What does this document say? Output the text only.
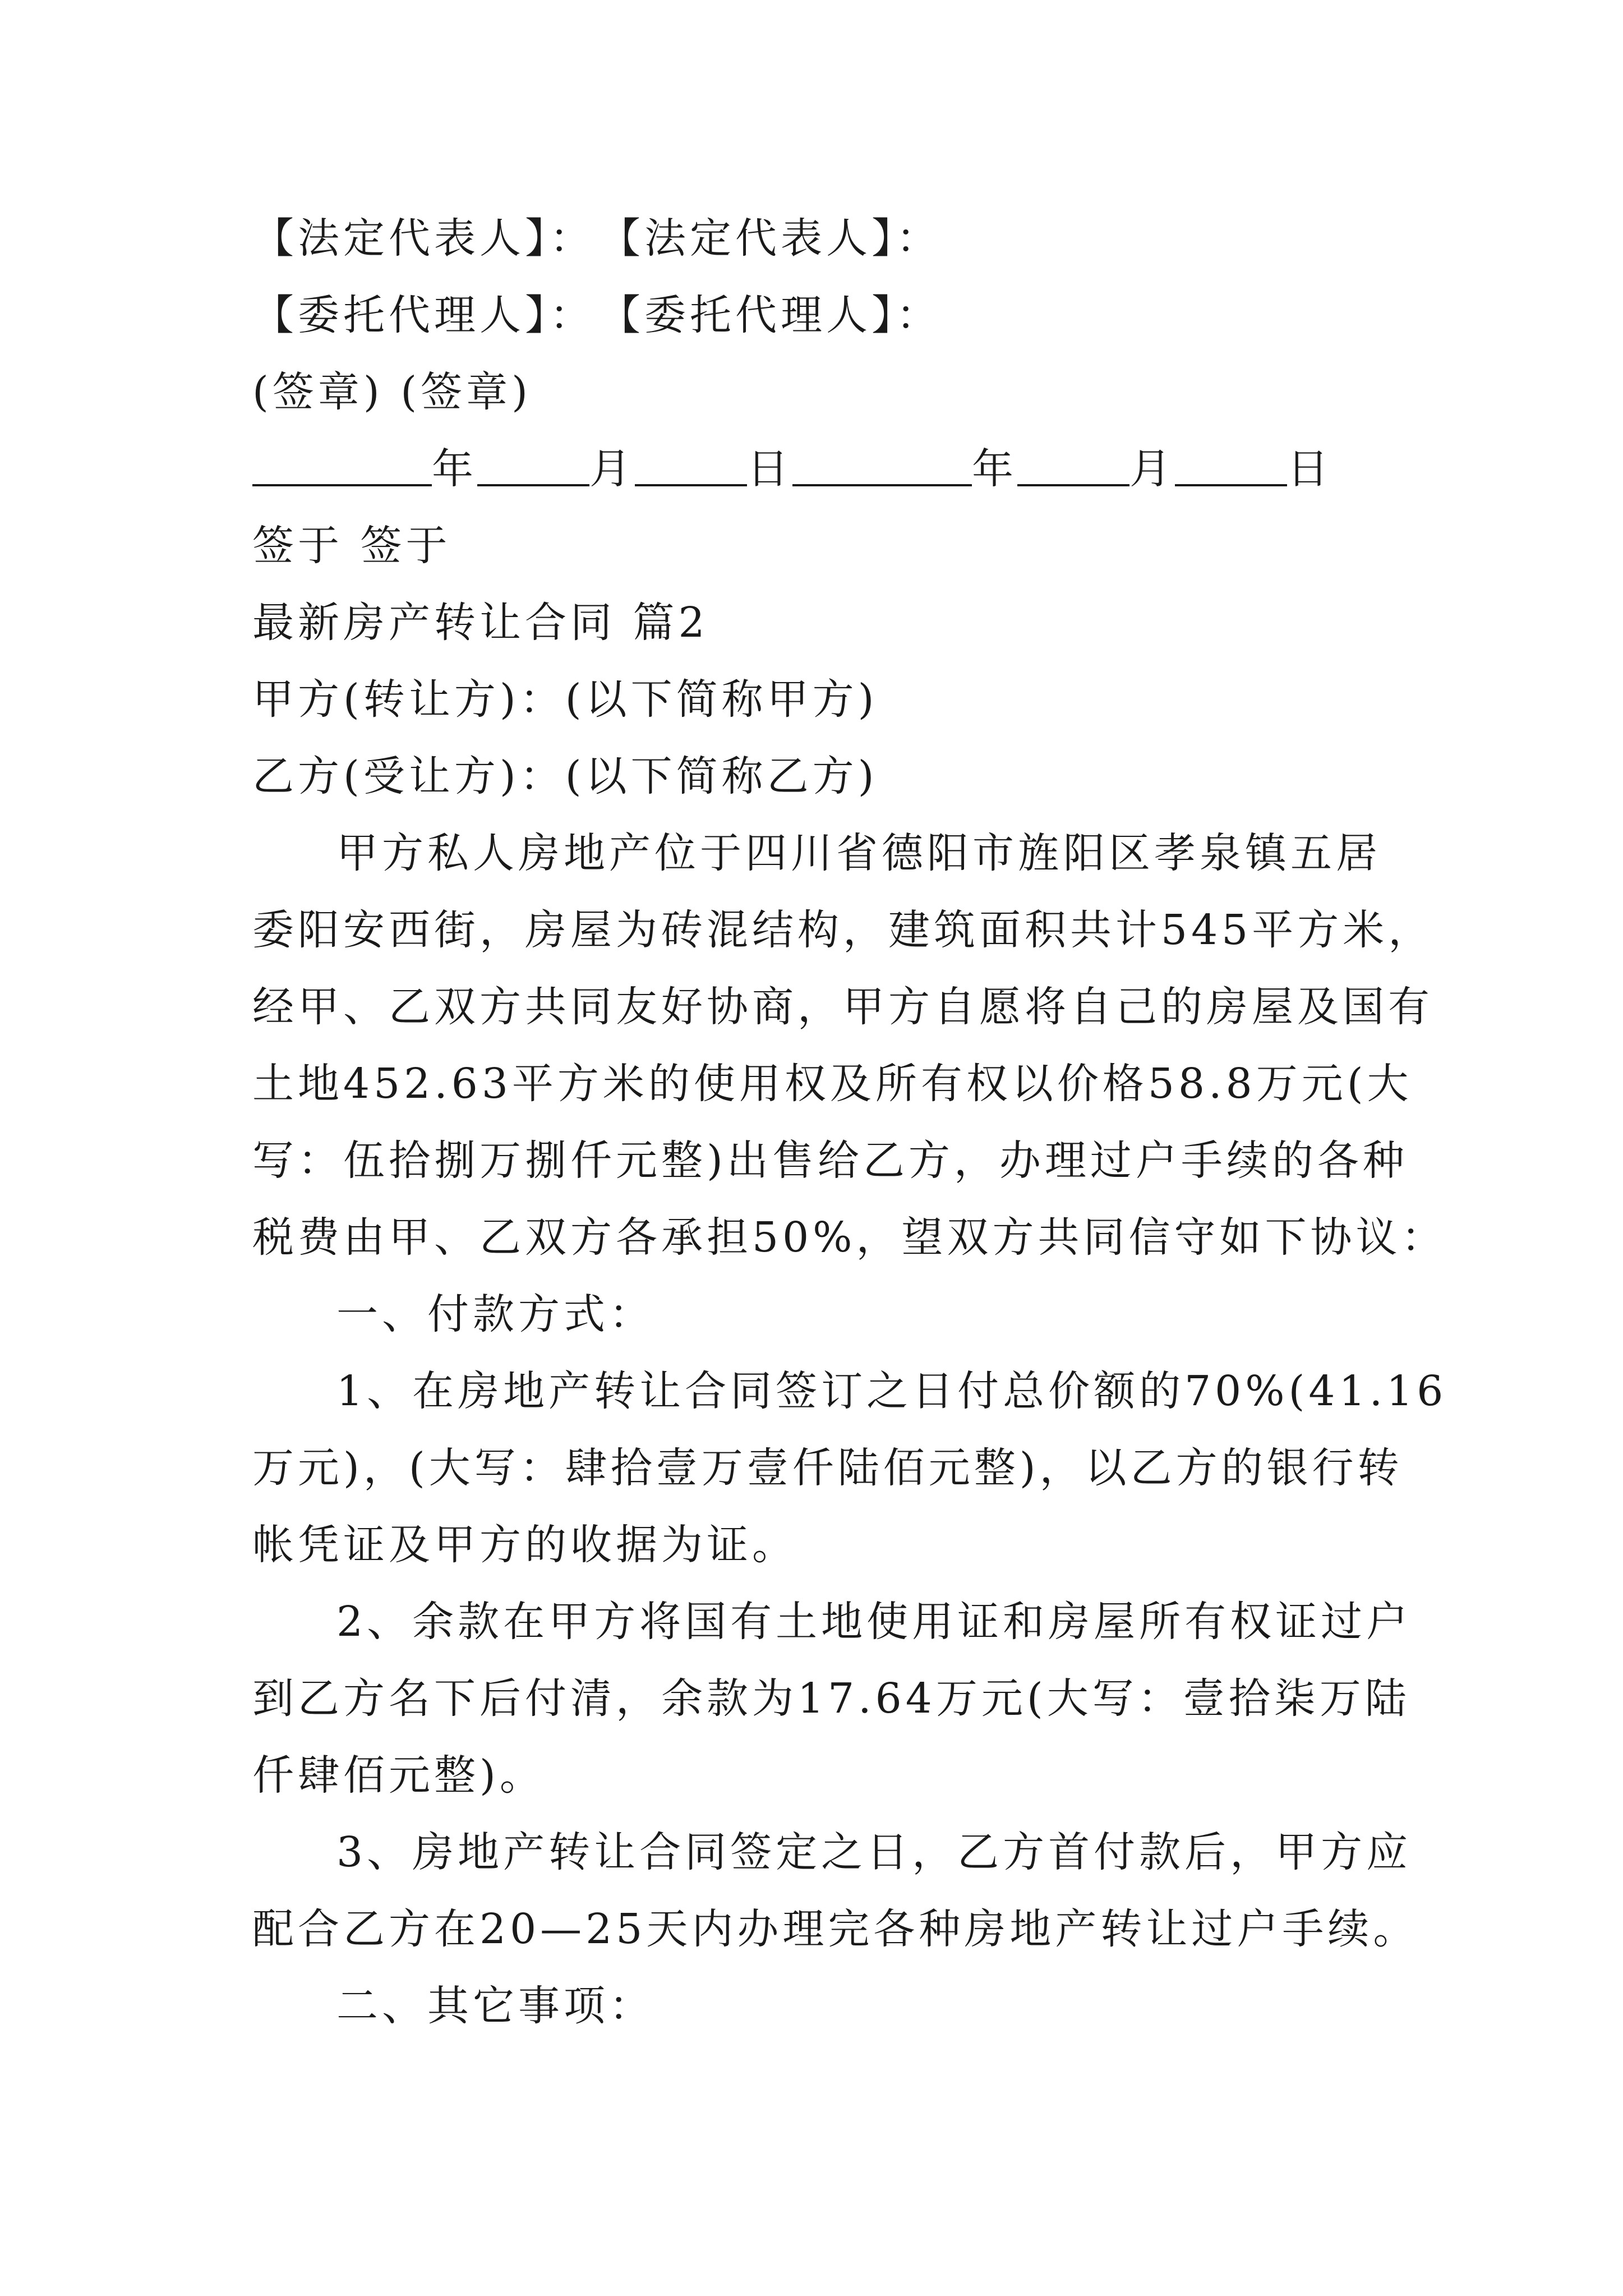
【法定代表人】：　【法定代表人】：
【委托代理人】：　【委托代理人】：
(签章) (签章)
年	月	日	年	月	日
签于 签于
最新房产转让合同 篇2
甲方(转让方)：(以下简称甲方)
乙方(受让方)：(以下简称乙方)
甲方私人房地产位于四川省德阳市旌阳区孝泉镇五居
委阳安西街，房屋为砖混结构，建筑面积共计545平方米，
经甲、乙双方共同友好协商，甲方自愿将自己的房屋及国有
土地452.63平方米的使用权及所有权以价格58.8万元(大
写：伍拾捌万捌仟元整)出售给乙方，办理过户手续的各种
税费由甲、乙双方各承担50%，望双方共同信守如下协议：
一、付款方式：
1、在房地产转让合同签订之日付总价额的70%(41.16
万元)，(大写：肆拾壹万壹仟陆佰元整)，以乙方的银行转
帐凭证及甲方的收据为证。
2、余款在甲方将国有土地使用证和房屋所有权证过户
到乙方名下后付清，余款为17.64万元(大写：壹拾柒万陆
仟肆佰元整)。
3、房地产转让合同签定之日，乙方首付款后，甲方应
配合乙方在20—25天内办理完各种房地产转让过户手续。
二、其它事项：
